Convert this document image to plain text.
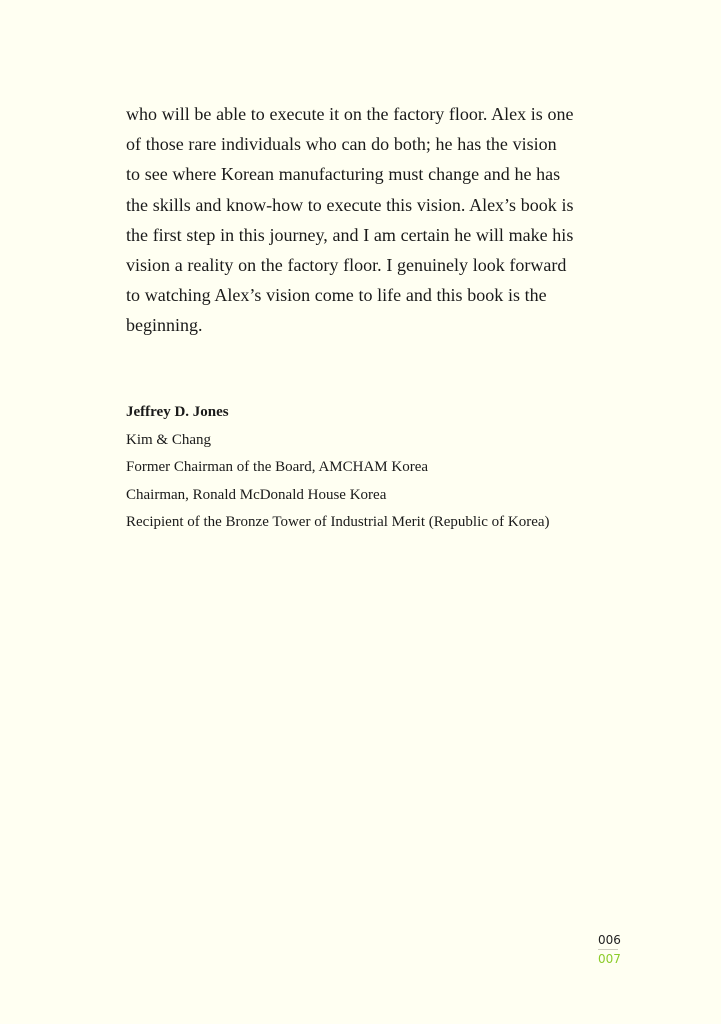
who will be able to execute it on the factory floor. Alex is one
of those rare individuals who can do both; he has the vision
to see where Korean manufacturing must change and he has
the skills and know-how to execute this vision. Alex’s book is
the first step in this journey, and I am certain he will make his
vision a reality on the factory floor. I genuinely look forward
to watching Alex’s vision come to life and this book is the
beginning.

Jeffrey D. Jones
Kim & Chang
Former Chairman of the Board, AMCHAM Korea
Chairman, Ronald McDonald House Korea
Recipient of the Bronze Tower of Industrial Merit (Republic of Korea)
006
007
